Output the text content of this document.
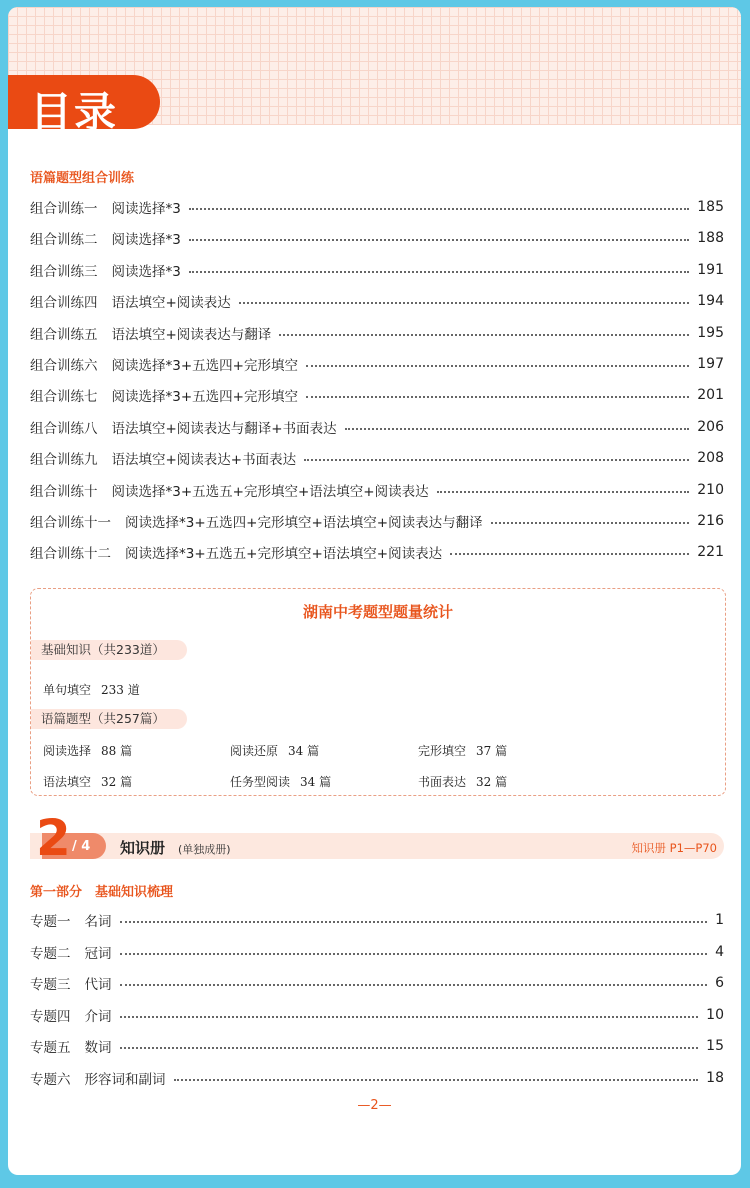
目录
语篇题型组合训练
组合训练一 阅读选择*3	185
组合训练二 阅读选择*3	188
组合训练三 阅读选择*3	191
组合训练四 语法填空+阅读表达	194
组合训练五 语法填空+阅读表达与翻译	195
组合训练六 阅读选择*3+五选四+完形填空	197
组合训练七 阅读选择*3+五选四+完形填空	201
组合训练八 语法填空+阅读表达与翻译+书面表达	206
组合训练九 语法填空+阅读表达+书面表达	208
组合训练十 阅读选择*3+五选五+完形填空+语法填空+阅读表达	210
组合训练十一 阅读选择*3+五选四+完形填空+语法填空+阅读表达与翻译	216
组合训练十二 阅读选择*3+五选五+完形填空+语法填空+阅读表达	221
湖南中考题型题量统计
基础知识（共233道）
单句填空 233 道
语篇题型（共257篇）
阅读选择 88 篇	阅读还原 34 篇	完形填空 37 篇
语法填空 32 篇	任务型阅读 34 篇	书面表达 32 篇
2 / 4 知识册 (单独成册)	知识册 P1—P70
第一部分　基础知识梳理
专题一 名词	1
专题二 冠词	4
专题三 代词	6
专题四 介词	10
专题五 数词	15
专题六 形容词和副词	18
—2—
